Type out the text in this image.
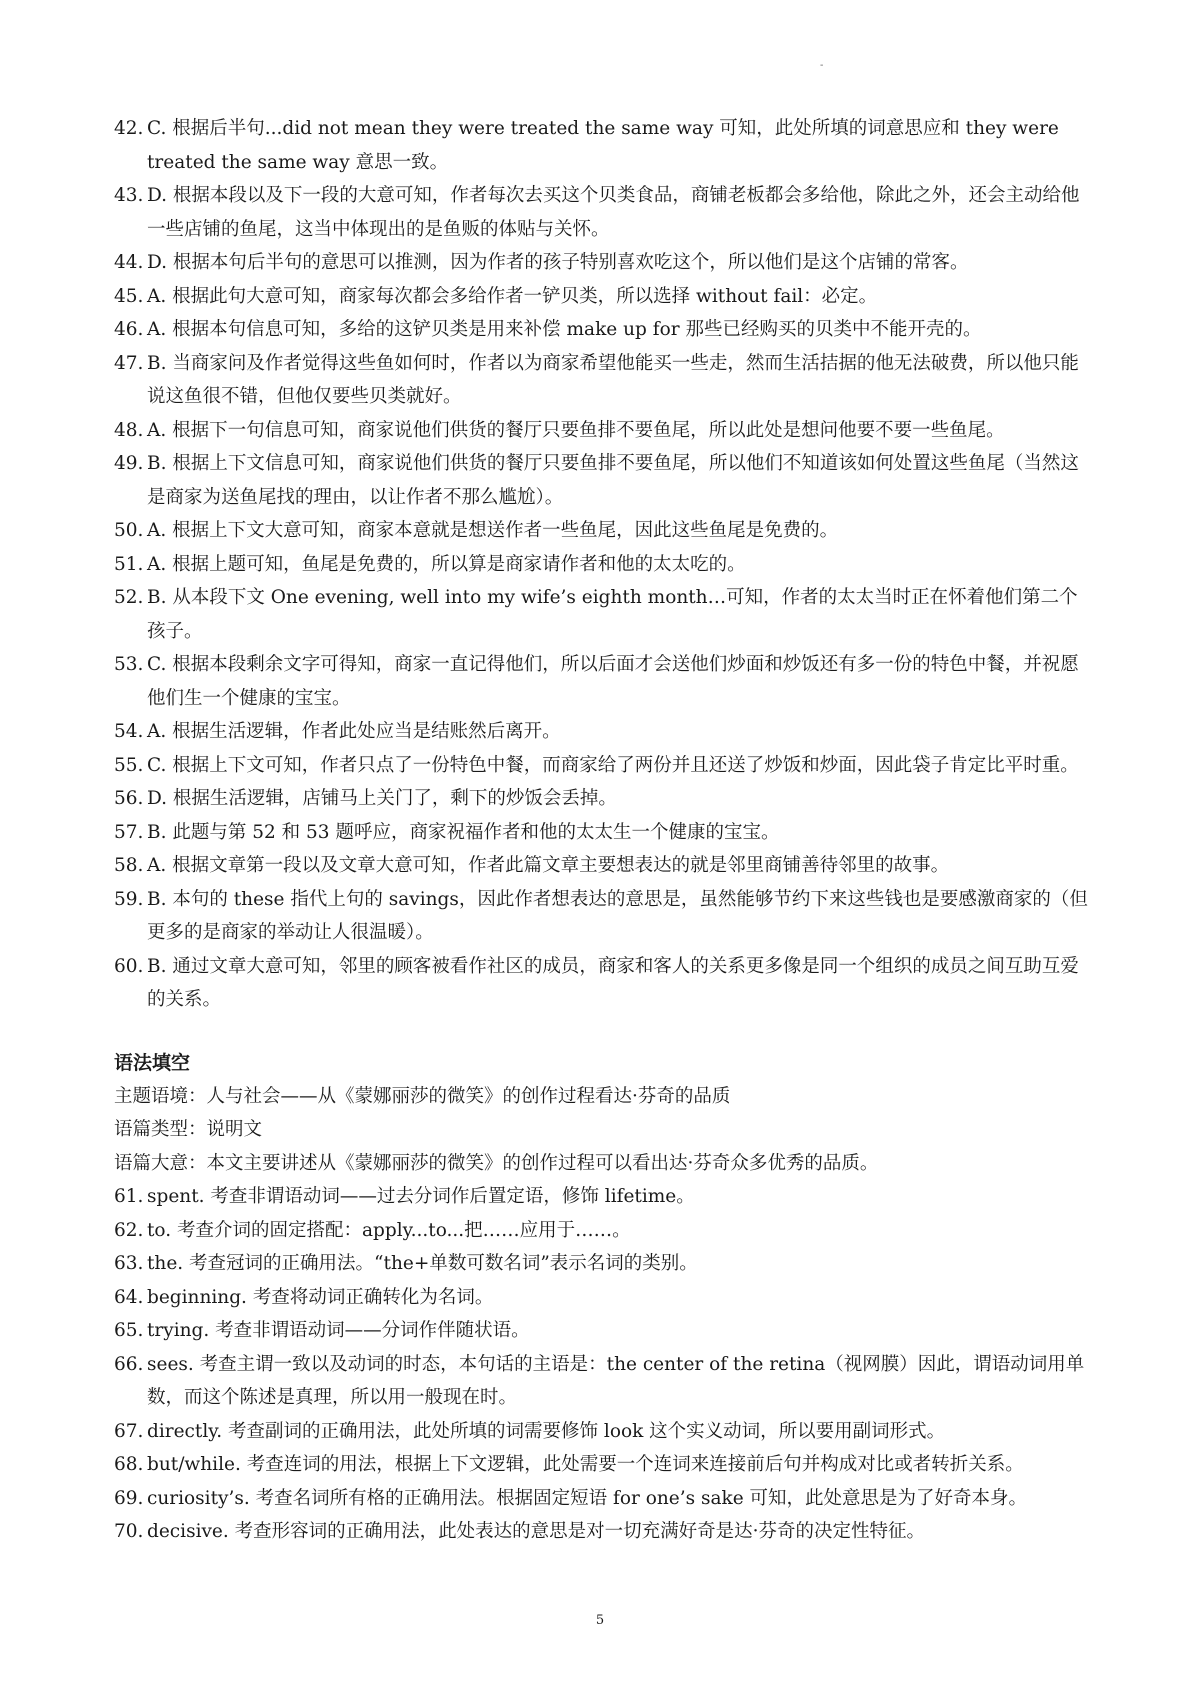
-
42. C. 根据后半句...did not mean they were treated the same way 可知，此处所填的词意思应和 they were treated the same way 意思一致。
43. D. 根据本段以及下一段的大意可知，作者每次去买这个贝类食品，商铺老板都会多给他，除此之外，还会主动给他一些店铺的鱼尾，这当中体现出的是鱼贩的体贴与关怀。
44. D. 根据本句后半句的意思可以推测，因为作者的孩子特别喜欢吃这个，所以他们是这个店铺的常客。
45. A. 根据此句大意可知，商家每次都会多给作者一铲贝类，所以选择 without fail：必定。
46. A. 根据本句信息可知，多给的这铲贝类是用来补偿 make up for 那些已经购买的贝类中不能开壳的。
47. B. 当商家问及作者觉得这些鱼如何时，作者以为商家希望他能买一些走，然而生活拮据的他无法破费，所以他只能说这鱼很不错，但他仅要些贝类就好。
48. A. 根据下一句信息可知，商家说他们供货的餐厅只要鱼排不要鱼尾，所以此处是想问他要不要一些鱼尾。
49. B. 根据上下文信息可知，商家说他们供货的餐厅只要鱼排不要鱼尾，所以他们不知道该如何处置这些鱼尾（当然这是商家为送鱼尾找的理由，以让作者不那么尴尬）。
50. A. 根据上下文大意可知，商家本意就是想送作者一些鱼尾，因此这些鱼尾是免费的。
51. A. 根据上题可知，鱼尾是免费的，所以算是商家请作者和他的太太吃的。
52. B. 从本段下文 One evening, well into my wife’s eighth month…可知，作者的太太当时正在怀着他们第二个孩子。
53. C. 根据本段剩余文字可得知，商家一直记得他们，所以后面才会送他们炒面和炒饭还有多一份的特色中餐，并祝愿他们生一个健康的宝宝。
54. A. 根据生活逻辑，作者此处应当是结账然后离开。
55. C. 根据上下文可知，作者只点了一份特色中餐，而商家给了两份并且还送了炒饭和炒面，因此袋子肯定比平时重。
56. D. 根据生活逻辑，店铺马上关门了，剩下的炒饭会丢掉。
57. B. 此题与第 52 和 53 题呼应，商家祝福作者和他的太太生一个健康的宝宝。
58. A. 根据文章第一段以及文章大意可知，作者此篇文章主要想表达的就是邻里商铺善待邻里的故事。
59. B. 本句的 these 指代上句的 savings，因此作者想表达的意思是，虽然能够节约下来这些钱也是要感激商家的（但更多的是商家的举动让人很温暖）。
60. B. 通过文章大意可知，邻里的顾客被看作社区的成员，商家和客人的关系更多像是同一个组织的成员之间互助互爱的关系。
语法填空
主题语境：人与社会——从《蒙娜丽莎的微笑》的创作过程看达·芬奇的品质
语篇类型：说明文
语篇大意：本文主要讲述从《蒙娜丽莎的微笑》的创作过程可以看出达·芬奇众多优秀的品质。
61. spent. 考查非谓语动词——过去分词作后置定语，修饰 lifetime。
62. to. 考查介词的固定搭配：apply...to...把……应用于……。
63. the. 考查冠词的正确用法。“the+单数可数名词”表示名词的类别。
64. beginning. 考查将动词正确转化为名词。
65. trying. 考查非谓语动词——分词作伴随状语。
66. sees. 考查主谓一致以及动词的时态，本句话的主语是：the center of the retina（视网膜）因此，谓语动词用单数，而这个陈述是真理，所以用一般现在时。
67. directly. 考查副词的正确用法，此处所填的词需要修饰 look 这个实义动词，所以要用副词形式。
68. but/while. 考查连词的用法，根据上下文逻辑，此处需要一个连词来连接前后句并构成对比或者转折关系。
69. curiosity’s. 考查名词所有格的正确用法。根据固定短语 for one’s sake 可知，此处意思是为了好奇本身。
70. decisive. 考查形容词的正确用法，此处表达的意思是对一切充满好奇是达·芬奇的决定性特征。
5
